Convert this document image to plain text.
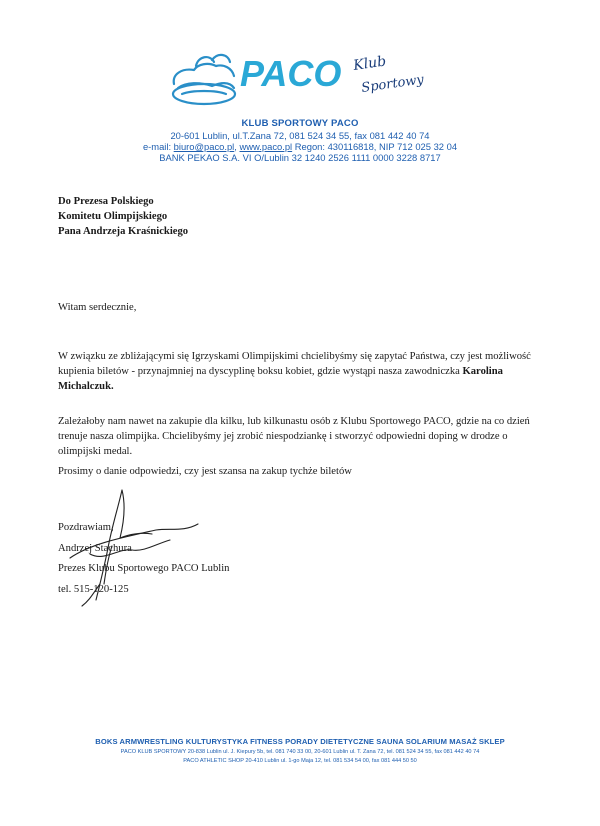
PACO Klub
Sportowy
KLUB SPORTOWY PACO
20-601 Lublin, ul.T.Zana 72, 081 524 34 55, fax 081 442 40 74
e-mail: biuro@paco.pl, www.paco.pl Regon: 430116818, NIP 712 025 32 04
BANK PEKAO S.A. VI O/Lublin 32 1240 2526 1111 0000 3228 8717
Do Prezesa Polskiego
Komitetu Olimpijskiego
Pana Andrzeja Kraśnickiego
Witam serdecznie,
W związku ze zbliżającymi się Igrzyskami Olimpijskimi chcielibyśmy się zapytać Państwa, czy jest możliwość kupienia biletów - przynajmniej na dyscyplinę boksu kobiet, gdzie wystąpi nasza zawodniczka Karolina Michalczuk.
Zależałoby nam nawet na zakupie dla kilku, lub kilkunastu osób z Klubu Sportowego PACO, gdzie na co dzień trenuje nasza olimpijka. Chcielibyśmy jej zrobić niespodziankę i stworzyć odpowiedni doping w drodze o olimpijski medal.
Prosimy o danie odpowiedzi, czy jest szansa na zakup tychże biletów
Pozdrawiam,
Andrzej Stachura
Prezes Klubu Sportowego PACO Lublin
tel. 515-120-125
BOKS ARMWRESTLING KULTURYSTYKA FITNESS PORADY DIETETYCZNE SAUNA SOLARIUM MASAŻ SKLEP
PACO KLUB SPORTOWY 20-838 Lublin ul. J. Kiepury 5b, tel. 081 740 33 00, 20-601 Lublin ul. T. Zana 72, tel. 081 524 34 55, fax 081 442 40 74
PACO ATHLETIC SHOP 20-410 Lublin ul. 1-go Maja 12, tel. 081 534 54 00, fax 081 444 50 50
